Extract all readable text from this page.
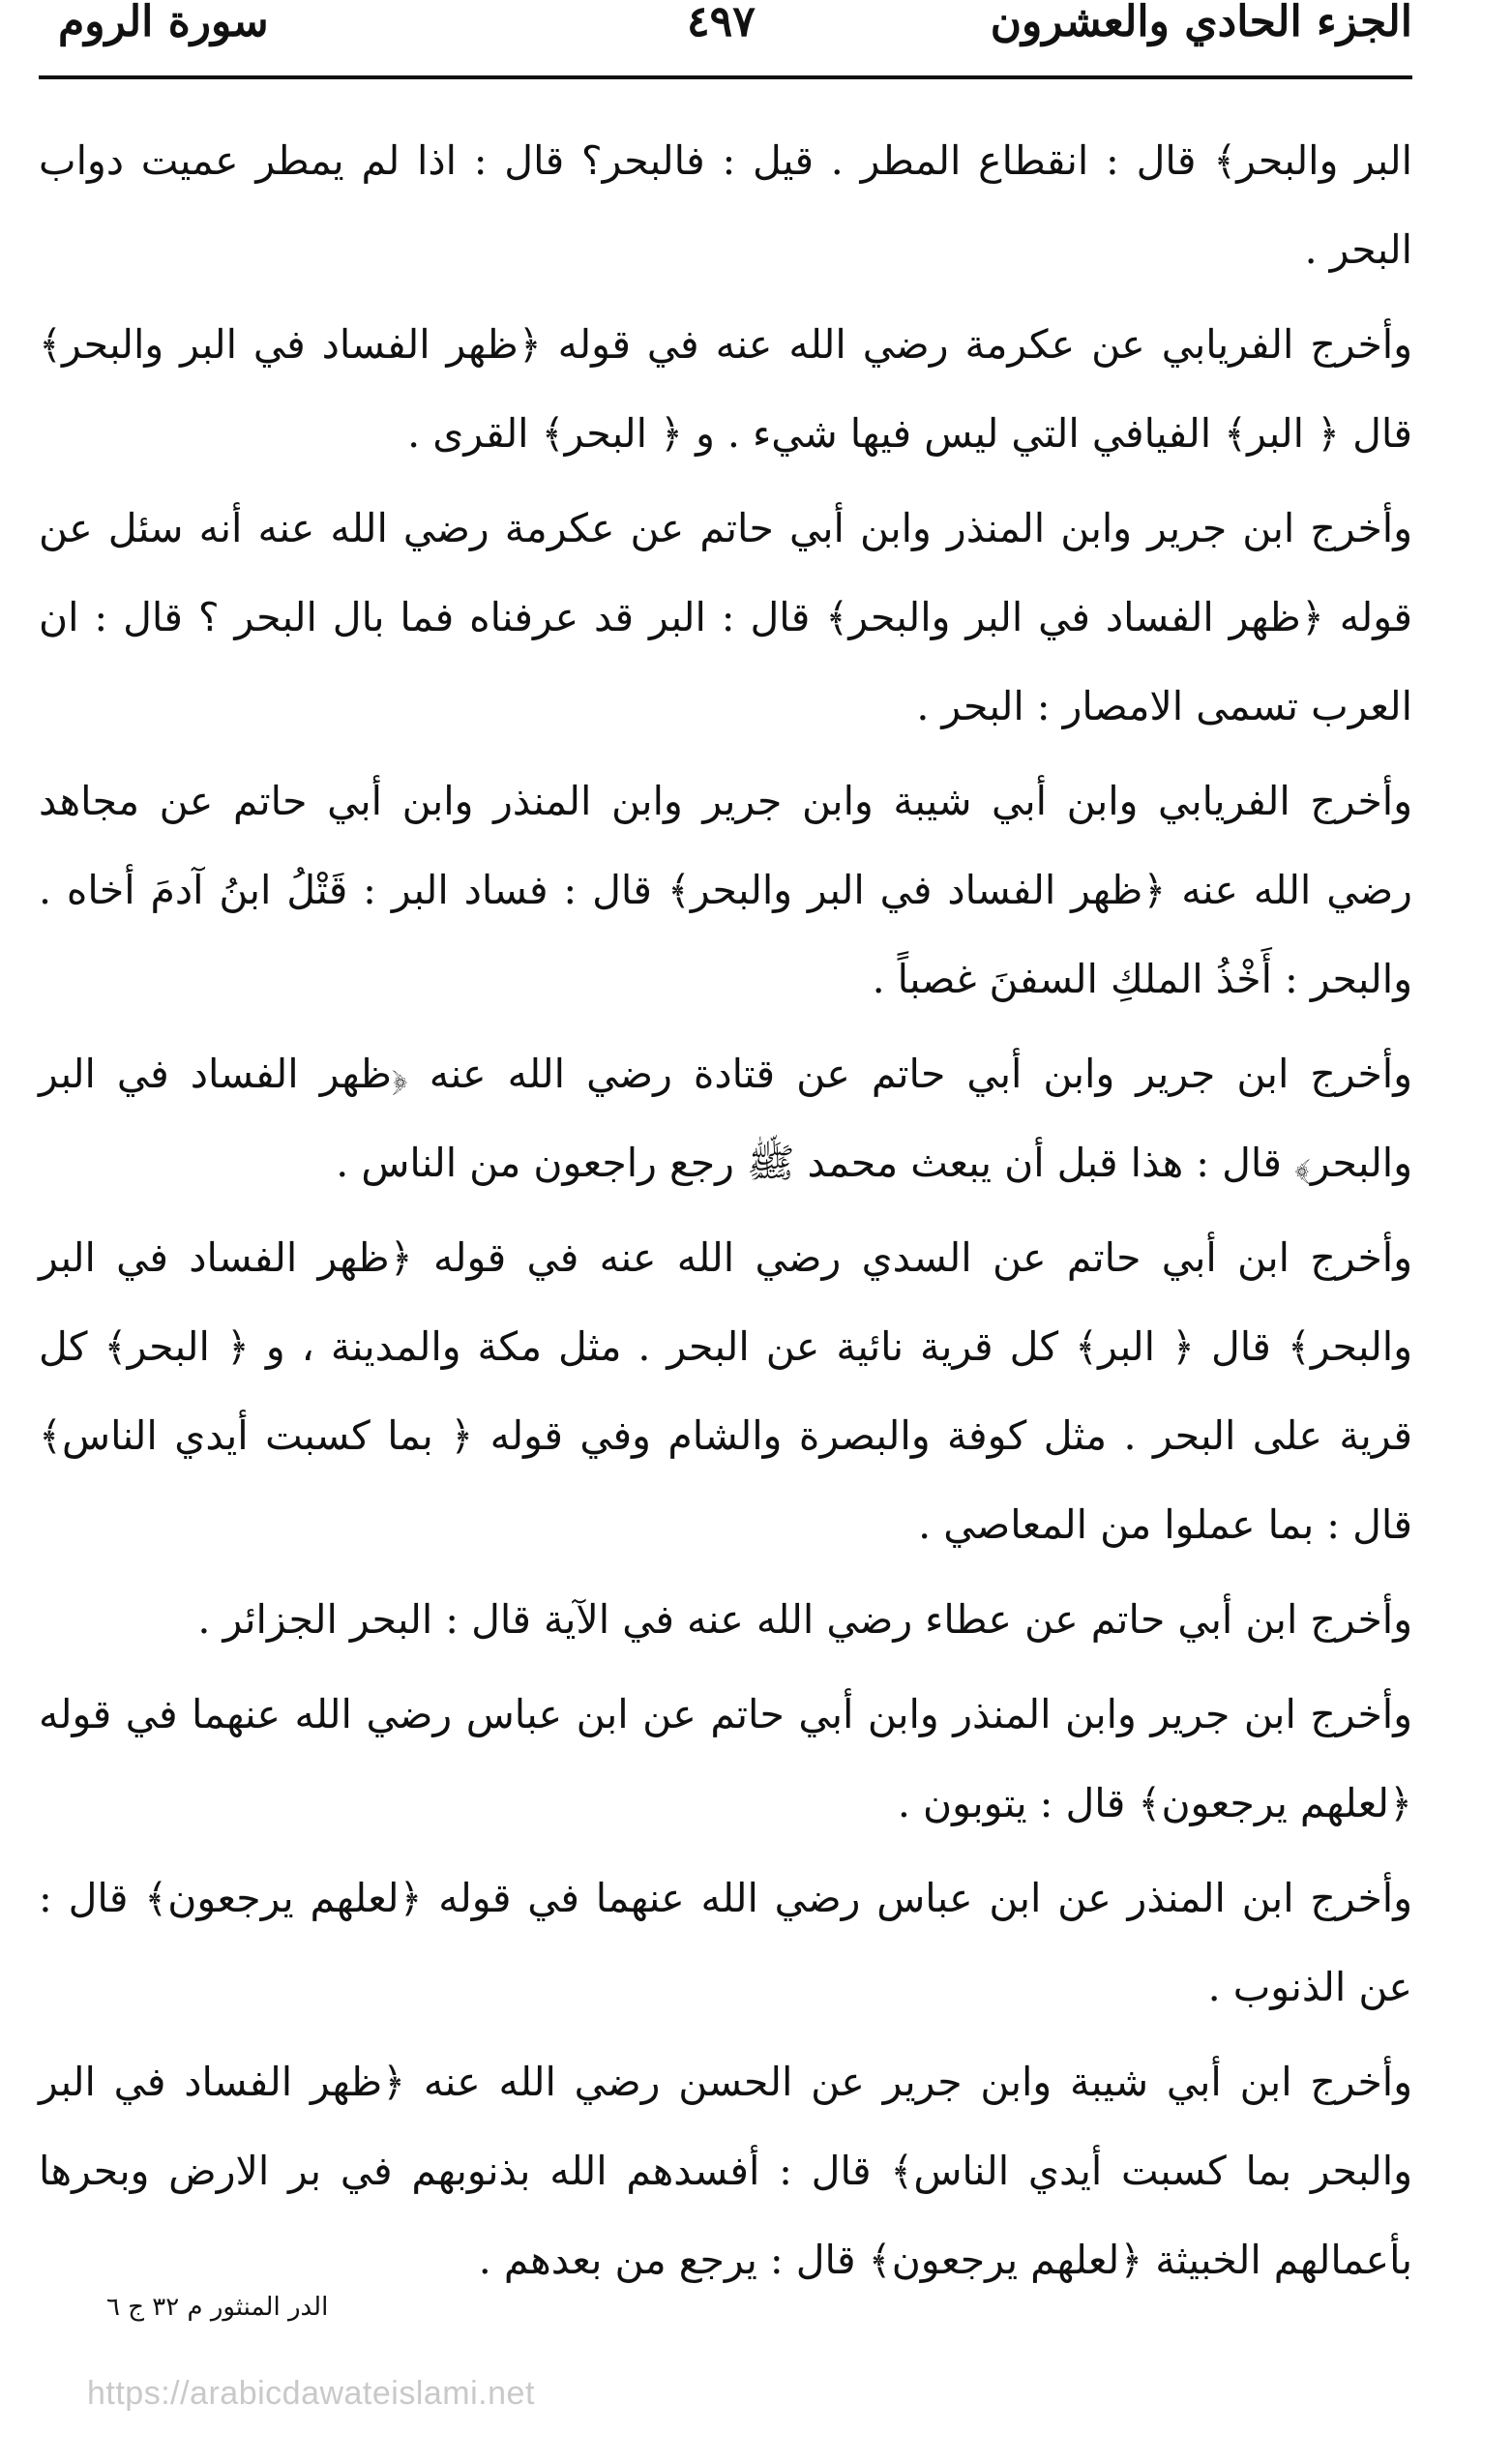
الجزء الحادي والعشرون
٤٩٧
سورة الروم

البر والبحر﴾ قال : انقطاع المطر . قيل : فالبحر؟ قال : اذا لم يمطر عميت دواب البحر .

وأخرج الفريابي عن عكرمة رضي الله عنه في قوله ﴿ظهر الفساد في البر والبحر﴾ قال ﴿ البر﴾ الفيافي التي ليس فيها شيء . و ﴿ البحر﴾ القرى .

وأخرج ابن جرير وابن المنذر وابن أبي حاتم عن عكرمة رضي الله عنه أنه سئل عن قوله ﴿ظهر الفساد في البر والبحر﴾ قال : البر قد عرفناه فما بال البحر ؟ قال : ان العرب تسمى الامصار : البحر .

وأخرج الفريابي وابن أبي شيبة وابن جرير وابن المنذر وابن أبي حاتم عن مجاهد رضي الله عنه ﴿ظهر الفساد في البر والبحر﴾ قال : فساد البر : قَتْلُ ابنُ آدمَ أخاه . والبحر : أَخْذُ الملكِ السفنَ غصباً .

وأخرج ابن جرير وابن أبي حاتم عن قتادة رضي الله عنه ﴿ظهر الفساد في البر والبحر﴾ قال : هذا قبل أن يبعث محمد ﷺ رجع راجعون من الناس .

وأخرج ابن أبي حاتم عن السدي رضي الله عنه في قوله ﴿ظهر الفساد في البر والبحر﴾ قال ﴿ البر﴾ كل قرية نائية عن البحر . مثل مكة والمدينة ، و ﴿ البحر﴾ كل قرية على البحر . مثل كوفة والبصرة والشام وفي قوله ﴿ بما كسبت أيدي الناس﴾ قال : بما عملوا من المعاصي .

وأخرج ابن أبي حاتم عن عطاء رضي الله عنه في الآية قال : البحر الجزائر .

وأخرج ابن جرير وابن المنذر وابن أبي حاتم عن ابن عباس رضي الله عنهما في قوله ﴿لعلهم يرجعون﴾ قال : يتوبون .

وأخرج ابن المنذر عن ابن عباس رضي الله عنهما في قوله ﴿لعلهم يرجعون﴾ قال : عن الذنوب .

وأخرج ابن أبي شيبة وابن جرير عن الحسن رضي الله عنه ﴿ظهر الفساد في البر والبحر بما كسبت أيدي الناس﴾ قال : أفسدهم الله بذنوبهم في بر الارض وبحرها بأعمالهم الخبيثة ﴿لعلهم يرجعون﴾ قال : يرجع من بعدهم .

الدر المنثور م ٣٢ ج ٦
https://arabicdawateislami.net
